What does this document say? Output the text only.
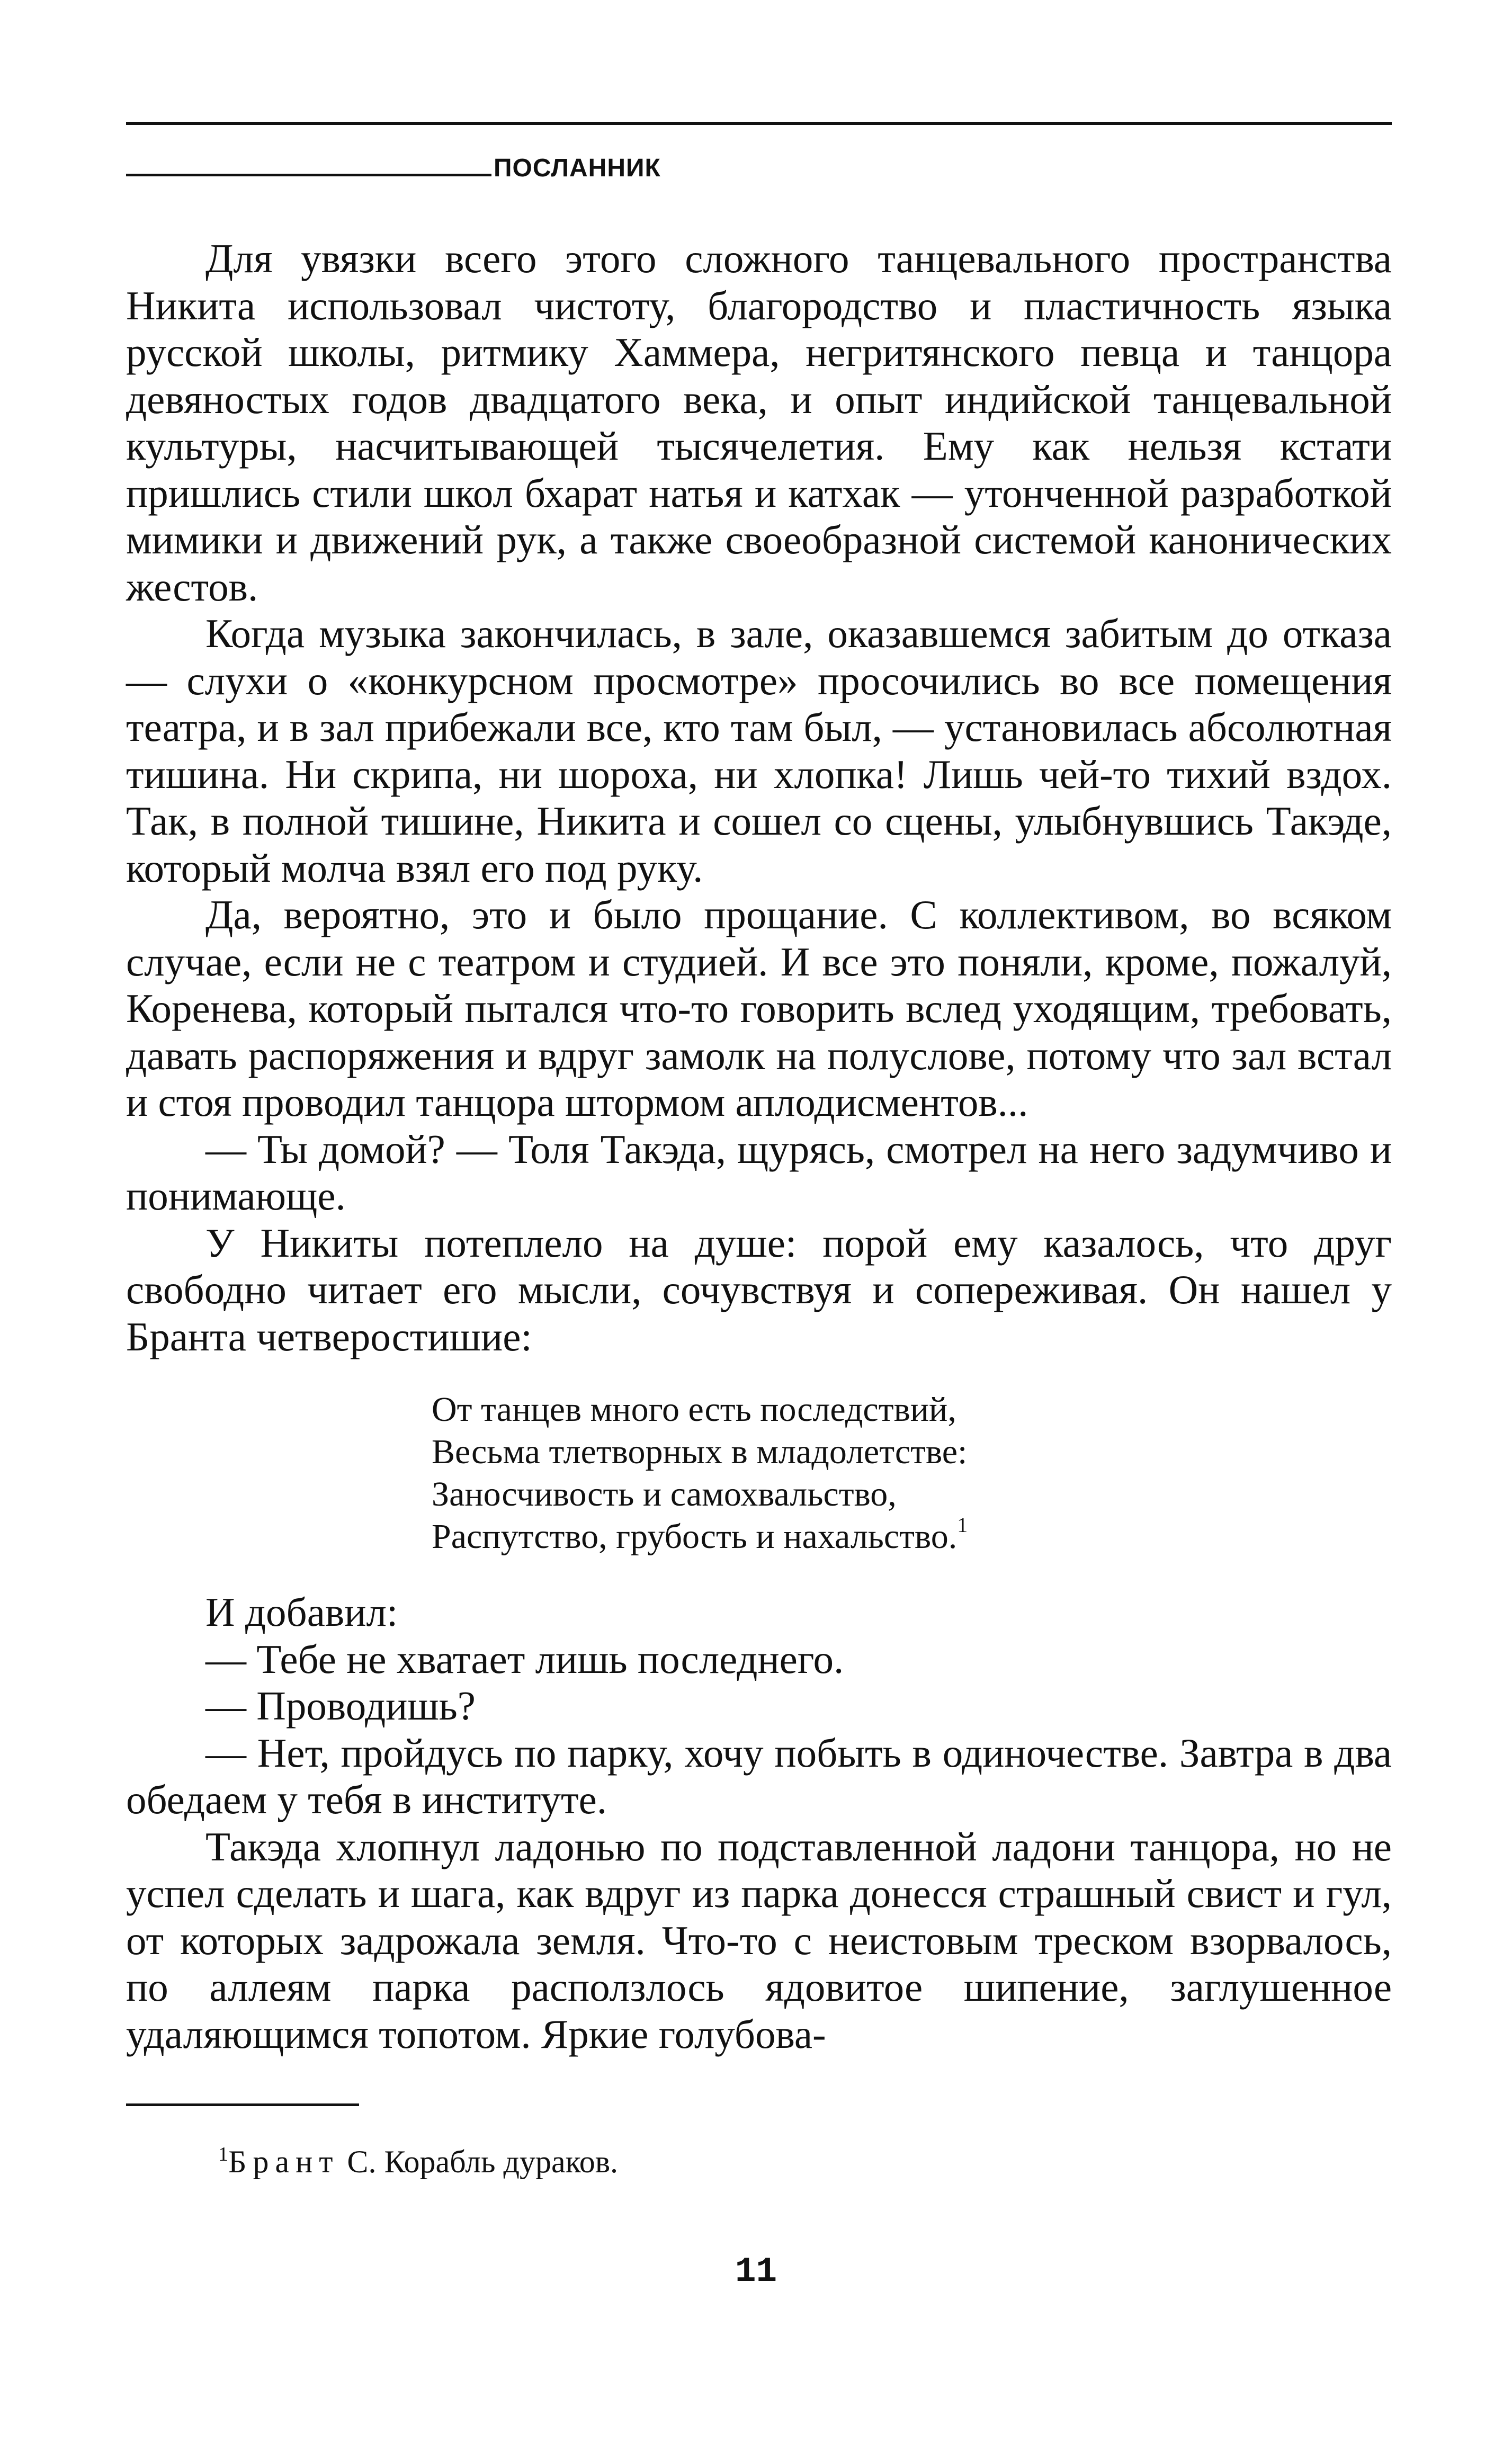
ПОСЛАННИК

Для увязки всего этого сложного танцевального пространства Никита использовал чистоту, благородство и пластичность языка русской школы, ритмику Хаммера, негритянского певца и танцора девяностых годов двадцатого века, и опыт индийской танцевальной культуры, насчитывающей тысячелетия. Ему как нельзя кстати пришлись стили школ бхарат натья и катхак — утонченной разработкой мимики и движений рук, а также своеобразной системой канонических жестов.

Когда музыка закончилась, в зале, оказавшемся забитым до отказа — слухи о «конкурсном просмотре» просочились во все помещения театра, и в зал прибежали все, кто там был, — установилась абсолютная тишина. Ни скрипа, ни шороха, ни хлопка! Лишь чей-то тихий вздох. Так, в полной тишине, Никита и сошел со сцены, улыбнувшись Такэде, который молча взял его под руку.

Да, вероятно, это и было прощание. С коллективом, во всяком случае, если не с театром и студией. И все это поняли, кроме, пожалуй, Коренева, который пытался что-то говорить вслед уходящим, требовать, давать распоряжения и вдруг замолк на полуслове, потому что зал встал и стоя проводил танцора штормом аплодисментов...

— Ты домой? — Толя Такэда, щурясь, смотрел на него задумчиво и понимающе.

У Никиты потеплело на душе: порой ему казалось, что друг свободно читает его мысли, сочувствуя и сопереживая. Он нашел у Бранта четверостишие:

От танцев много есть последствий,
Весьма тлетворных в младолетстве:
Заносчивость и самохвальство,
Распутство, грубость и нахальство.$^1$

И добавил:

— Тебе не хватает лишь последнего.

— Проводишь?

— Нет, пройдусь по парку, хочу побыть в одиночестве. Завтра в два обедаем у тебя в институте.

Такэда хлопнул ладонью по подставленной ладони танцора, но не успел сделать и шага, как вдруг из парка донесся страшный свист и гул, от которых задрожала земля. Что-то с неистовым треском взорвалось, по аллеям парка расползлось ядовитое шипение, заглушенное удаляющимся топотом. Яркие голубова-

$^1$Брант С. Корабль дураков.
11
